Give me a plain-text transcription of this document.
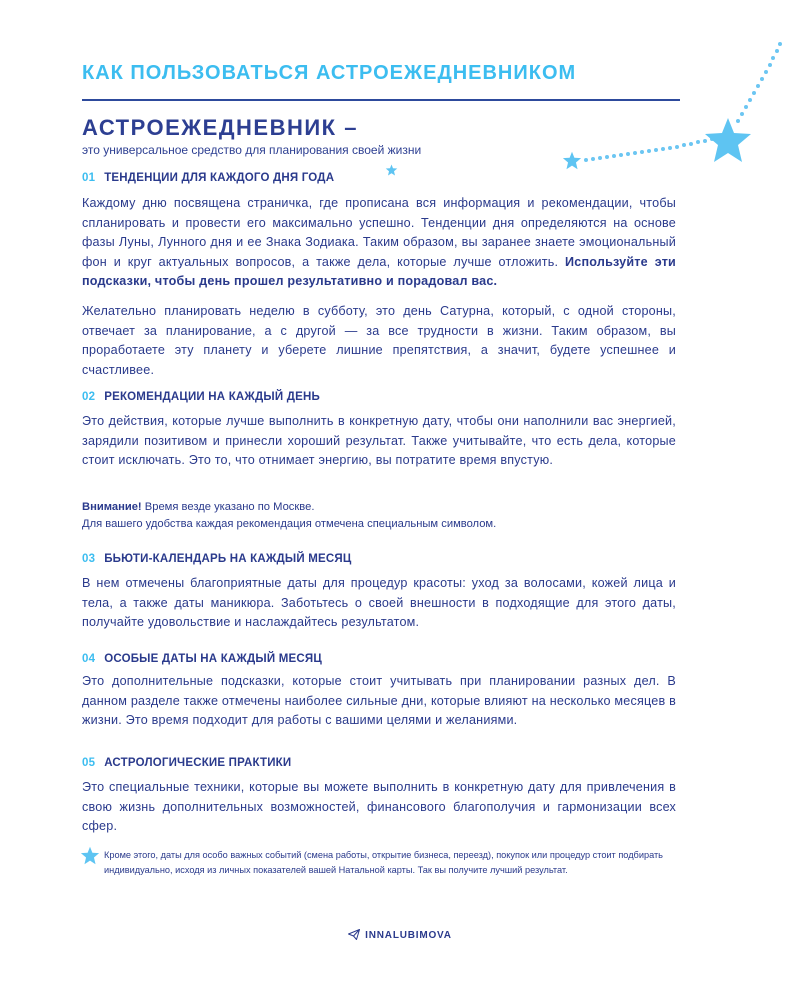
КАК ПОЛЬЗОВАТЬСЯ АСТРОЕЖЕДНЕВНИКОМ
АСТРОЕЖЕДНЕВНИК –
это универсальное средство для планирования своей жизни
01 ТЕНДЕНЦИИ ДЛЯ КАЖДОГО ДНЯ ГОДА
Каждому дню посвящена страничка, где прописана вся информация и рекомендации, чтобы спланировать и провести его максимально успешно. Тенденции дня определяются на основе фазы Луны, Лунного дня и ее Знака Зодиака. Таким образом, вы заранее знаете эмоциональный фон и круг актуальных вопросов, а также дела, которые лучше отложить. Используйте эти подсказки, чтобы день прошел результативно и порадовал вас.
Желательно планировать неделю в субботу, это день Сатурна, который, с одной стороны, отвечает за планирование, а с другой — за все трудности в жизни. Таким образом, вы проработаете эту планету и уберете лишние препятствия, а значит, будете успешнее и счастливее.
02 РЕКОМЕНДАЦИИ НА КАЖДЫЙ ДЕНЬ
Это действия, которые лучше выполнить в конкретную дату, чтобы они наполнили вас энергией, зарядили позитивом и принесли хороший результат. Также учитывайте, что есть дела, которые стоит исключать. Это то, что отнимает энергию, вы потратите время впустую.
Внимание! Время везде указано по Москве.
Для вашего удобства каждая рекомендация отмечена специальным символом.
03 БЬЮТИ-КАЛЕНДАРЬ НА КАЖДЫЙ МЕСЯЦ
В нем отмечены благоприятные даты для процедур красоты: уход за волосами, кожей лица и тела, а также даты маникюра. Заботьтесь о своей внешности в подходящие для этого даты, получайте удовольствие и наслаждайтесь результатом.
04 ОСОБЫЕ ДАТЫ НА КАЖДЫЙ МЕСЯЦ
Это дополнительные подсказки, которые стоит учитывать при планировании разных дел. В данном разделе также отмечены наиболее сильные дни, которые влияют на несколько месяцев в жизни. Это время подходит для работы с вашими целями и желаниями.
05 АСТРОЛОГИЧЕСКИЕ ПРАКТИКИ
Это специальные техники, которые вы можете выполнить в конкретную дату для привлечения в свою жизнь дополнительных возможностей, финансового благополучия и гармонизации всех сфер.
Кроме этого, даты для особо важных событий (смена работы, открытие бизнеса, переезд), покупок или процедур стоит подбирать индивидуально, исходя из личных показателей вашей Натальной карты. Так вы получите лучший результат.
INNALUBIMOVA
